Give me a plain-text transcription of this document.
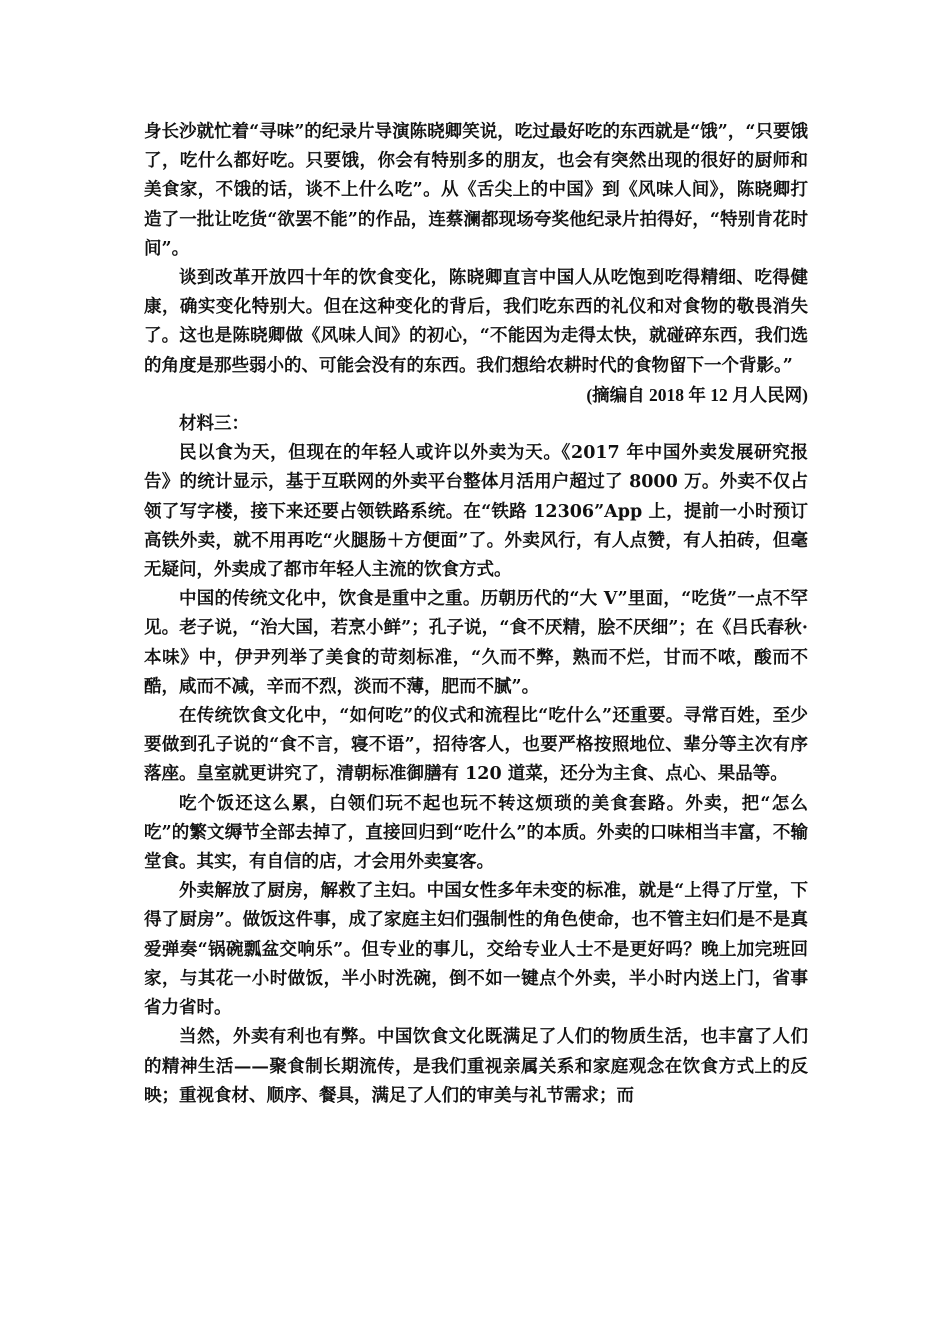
身长沙就忙着“寻味”的纪录片导演陈晓卿笑说，吃过最好吃的东西就是“饿”，“只要饿了，吃什么都好吃。只要饿，你会有特别多的朋友，也会有突然出现的很好的厨师和美食家，不饿的话，谈不上什么吃”。从《舌尖上的中国》到《风味人间》，陈晓卿打造了一批让吃货“欲罢不能”的作品，连蔡澜都现场夸奖他纪录片拍得好，“特别肯花时间”。

谈到改革开放四十年的饮食变化，陈晓卿直言中国人从吃饱到吃得精细、吃得健康，确实变化特别大。但在这种变化的背后，我们吃东西的礼仪和对食物的敬畏消失了。这也是陈晓卿做《风味人间》的初心，“不能因为走得太快，就碰碎东西，我们选的角度是那些弱小的、可能会没有的东西。我们想给农耕时代的食物留下一个背影。”

(摘编自 2018 年 12 月人民网)

材料三：

民以食为天，但现在的年轻人或许以外卖为天。《2017 年中国外卖发展研究报告》的统计显示，基于互联网的外卖平台整体月活用户超过了 8000 万。外卖不仅占领了写字楼，接下来还要占领铁路系统。在“铁路 12306”App 上，提前一小时预订高铁外卖，就不用再吃“火腿肠＋方便面”了。外卖风行，有人点赞，有人拍砖，但毫无疑问，外卖成了都市年轻人主流的饮食方式。

中国的传统文化中，饮食是重中之重。历朝历代的“大 V”里面，“吃货”一点不罕见。老子说，“治大国，若烹小鲜”；孔子说，“食不厌精，脍不厌细”；在《吕氏春秋·本味》中，伊尹列举了美食的苛刻标准，“久而不弊，熟而不烂，甘而不哝，酸而不酷，咸而不减，辛而不烈，淡而不薄，肥而不腻”。

在传统饮食文化中，“如何吃”的仪式和流程比“吃什么”还重要。寻常百姓，至少要做到孔子说的“食不言，寝不语”，招待客人，也要严格按照地位、辈分等主次有序落座。皇室就更讲究了，清朝标准御膳有 120 道菜，还分为主食、点心、果品等。

吃个饭还这么累，白领们玩不起也玩不转这烦琐的美食套路。外卖，把“怎么吃”的繁文缛节全部去掉了，直接回归到“吃什么”的本质。外卖的口味相当丰富，不输堂食。其实，有自信的店，才会用外卖宴客。

外卖解放了厨房，解救了主妇。中国女性多年未变的标准，就是“上得了厅堂，下得了厨房”。做饭这件事，成了家庭主妇们强制性的角色使命，也不管主妇们是不是真爱弹奏“锅碗瓢盆交响乐”。但专业的事儿，交给专业人士不是更好吗？晚上加完班回家，与其花一小时做饭，半小时洗碗，倒不如一键点个外卖，半小时内送上门，省事省力省时。

当然，外卖有利也有弊。中国饮食文化既满足了人们的物质生活，也丰富了人们的精神生活——聚食制长期流传，是我们重视亲属关系和家庭观念在饮食方式上的反映；重视食材、顺序、餐具，满足了人们的审美与礼节需求；而
